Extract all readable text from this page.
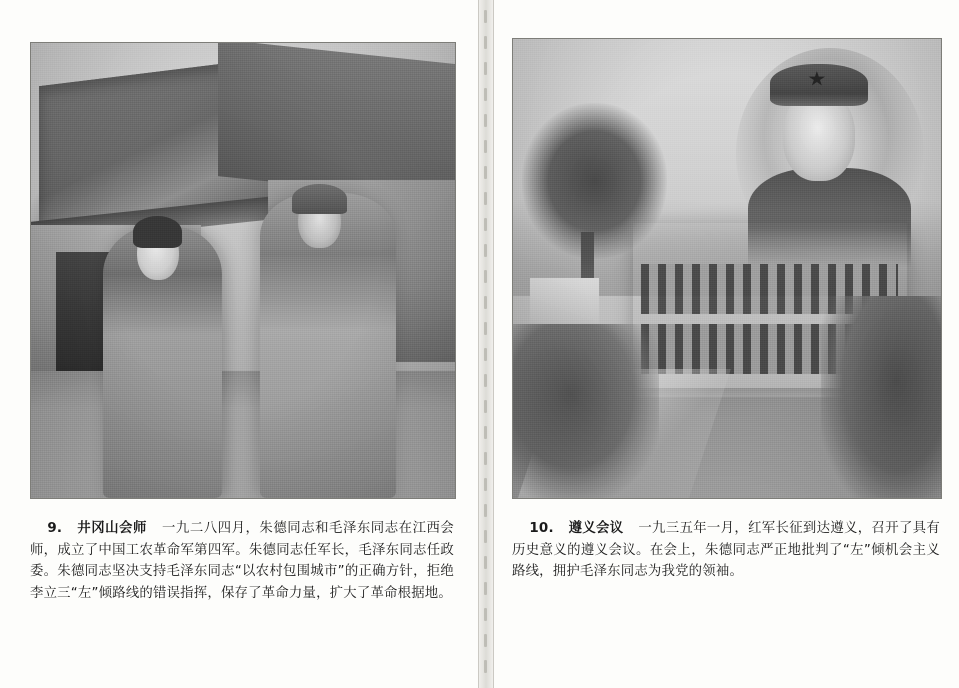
9. 井冈山会师 一九二八四月，朱德同志和毛泽东同志在江西会师，成立了中国工农革命军第四军。朱德同志任军长，毛泽东同志任政委。朱德同志坚决支持毛泽东同志“以农村包围城市”的正确方针，拒绝李立三“左”倾路线的错误指挥，保存了革命力量，扩大了革命根据地。
10. 遵义会议 一九三五年一月，红军长征到达遵义，召开了具有历史意义的遵义会议。在会上，朱德同志严正地批判了“左”倾机会主义路线，拥护毛泽东同志为我党的领袖。
